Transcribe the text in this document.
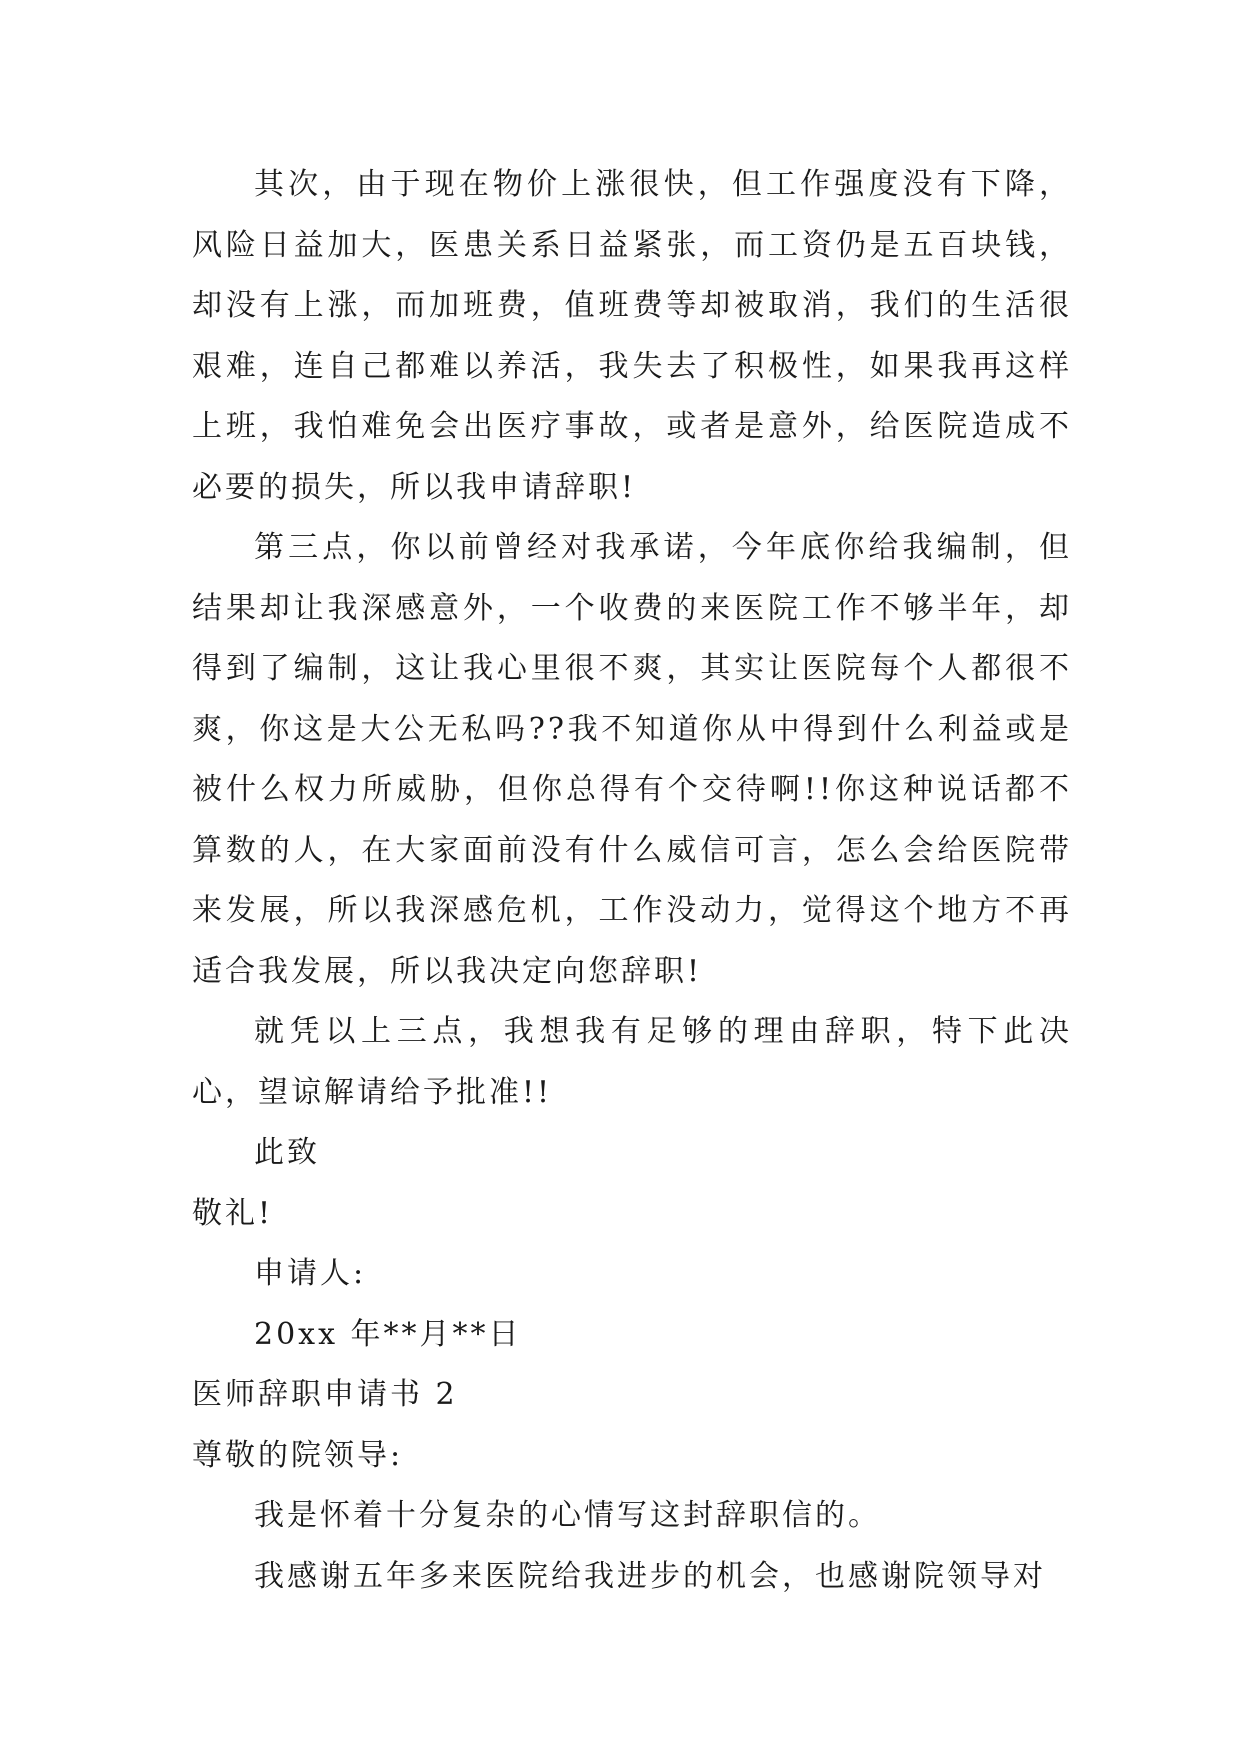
其次，由于现在物价上涨很快，但工作强度没有下降，风险日益加大，医患关系日益紧张，而工资仍是五百块钱，却没有上涨，而加班费，值班费等却被取消，我们的生活很艰难，连自己都难以养活，我失去了积极性，如果我再这样上班，我怕难免会出医疗事故，或者是意外，给医院造成不必要的损失，所以我申请辞职!

第三点，你以前曾经对我承诺，今年底你给我编制，但结果却让我深感意外，一个收费的来医院工作不够半年，却得到了编制，这让我心里很不爽，其实让医院每个人都很不爽，你这是大公无私吗??我不知道你从中得到什么利益或是被什么权力所威胁，但你总得有个交待啊!!你这种说话都不算数的人，在大家面前没有什么威信可言，怎么会给医院带来发展，所以我深感危机，工作没动力，觉得这个地方不再适合我发展，所以我决定向您辞职!

就凭以上三点，我想我有足够的理由辞职，特下此决心，望谅解请给予批准!!

此致

敬礼!

申请人:

20xx 年**月**日

医师辞职申请书 2

尊敬的院领导:

我是怀着十分复杂的心情写这封辞职信的。

我感谢五年多来医院给我进步的机会，也感谢院领导对
